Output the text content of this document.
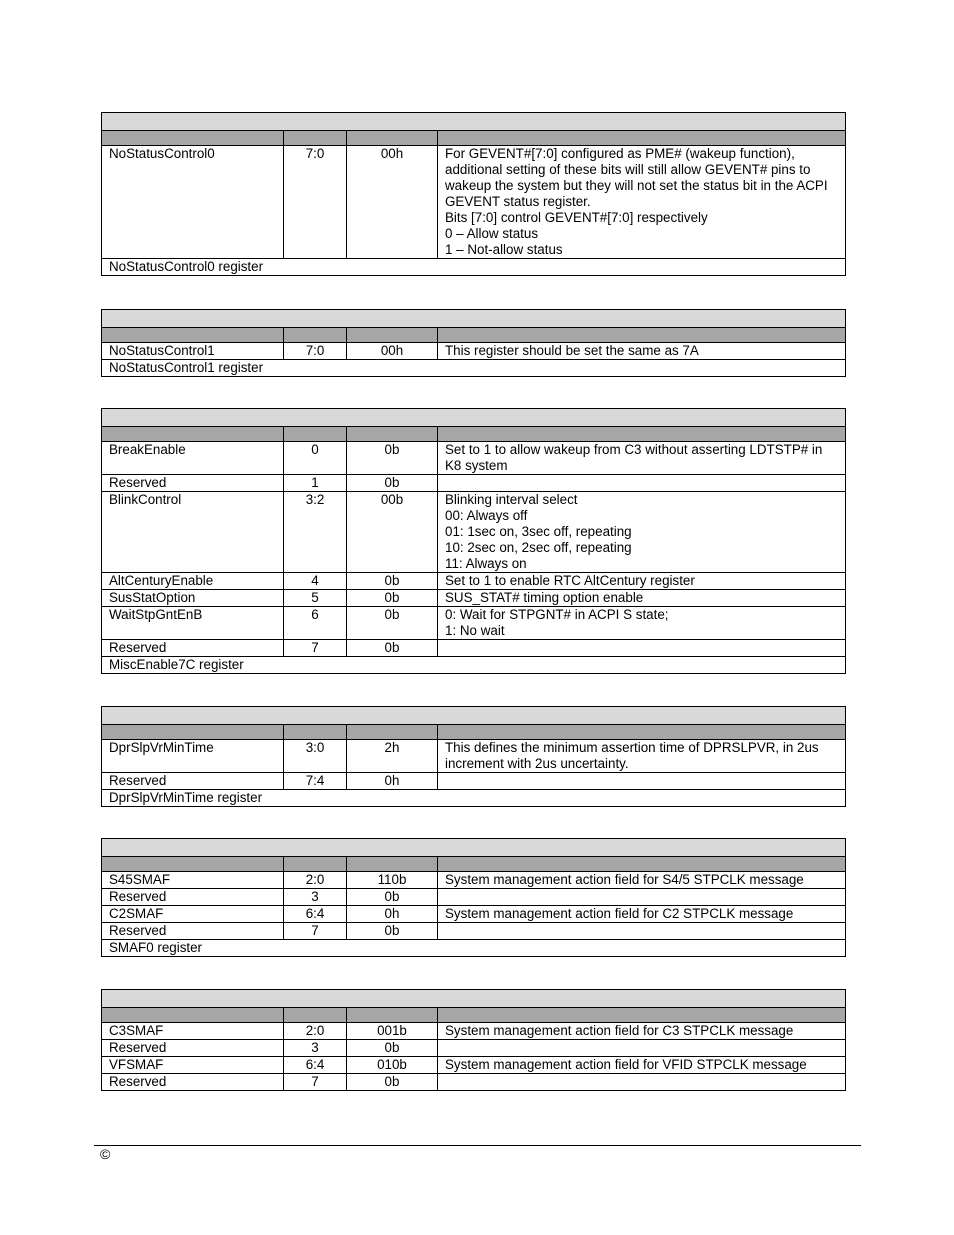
NoStatusControl0	7:0	00h	For GEVENT#[7:0] configured as PME# (wakeup function), additional setting of these bits will still allow GEVENT# pins to wakeup the system but they will not set the status bit in the ACPI GEVENT status register.
Bits [7:0] control GEVENT#[7:0] respectively
0 – Allow status
1 – Not-allow status

NoStatusControl0 register			

NoStatusControl1	7:0	00h	This register should be set the same as 7A

NoStatusControl1 register			

BreakEnable	0	0b	Set to 1 to allow wakeup from C3 without asserting LDTSTP# in K8 system

Reserved	1	0b	
BlinkControl	3:2	00b	Blinking interval select
00: Always off
01: 1sec on, 3sec off, repeating
10: 2sec on, 2sec off, repeating
11: Always on

AltCenturyEnable	4	0b	Set to 1 to enable RTC AltCentury register

SusStatOption	5	0b	SUS_STAT# timing option enable

WaitStpGntEnB	6	0b	0: Wait for STPGNT# in ACPI S state;
1: No wait

Reserved	7	0b	
MiscEnable7C register			

DprSlpVrMinTime	3:0	2h	This defines the minimum assertion time of DPRSLPVR, in 2us increment with 2us uncertainty.

Reserved	7:4	0h	
DprSlpVrMinTime register			

S45SMAF	2:0	110b	System management action field for S4/5 STPCLK message

Reserved	3	0b	
C2SMAF	6:4	0h	System management action field for C2 STPCLK message

Reserved	7	0b	
SMAF0 register			

C3SMAF	2:0	001b	System management action field for C3 STPCLK message

Reserved	3	0b	
VFSMAF	6:4	010b	System management action field for VFID STPCLK message

Reserved	7	0b	
©
